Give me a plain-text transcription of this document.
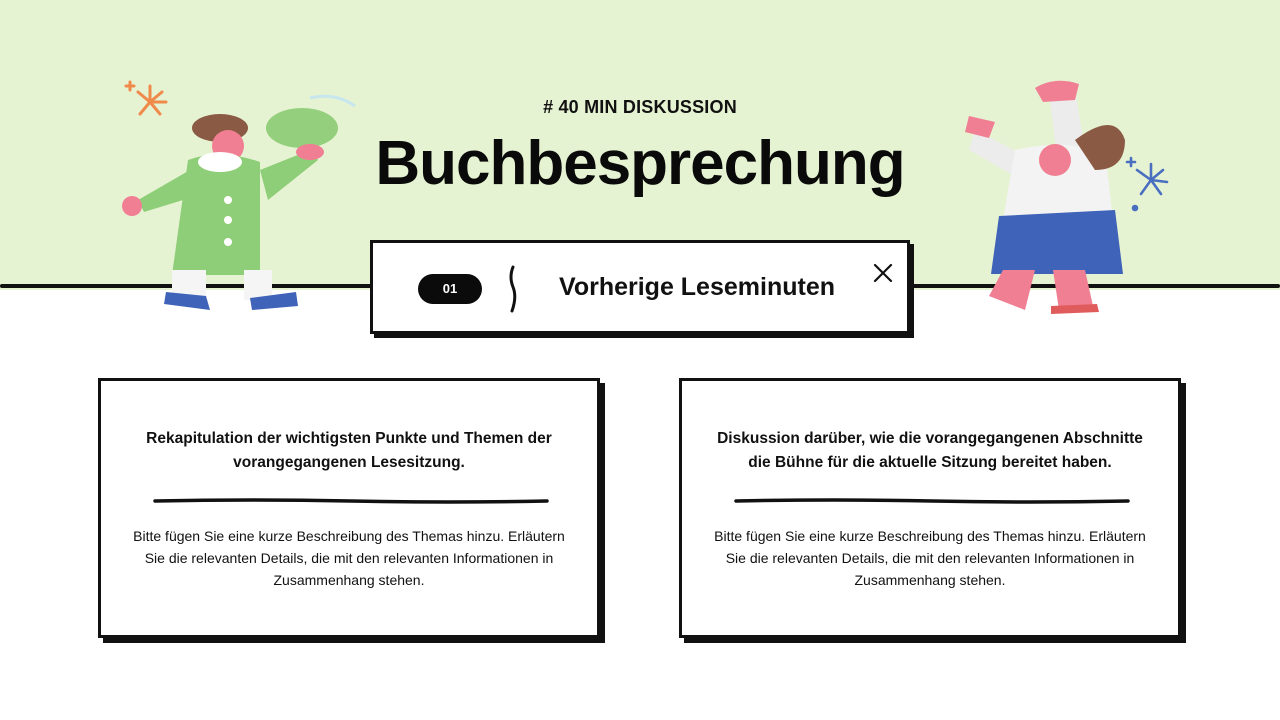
# 40 MIN DISKUSSION
Buchbesprechung
01	Vorherige Leseminuten
Rekapitulation der wichtigsten Punkte und Themen der vorangegangenen Lesesitzung.
Bitte fügen Sie eine kurze Beschreibung des Themas hinzu. Erläutern Sie die relevanten Details, die mit den relevanten Informationen in Zusammenhang stehen.
Diskussion darüber, wie die vorangegangenen Abschnitte die Bühne für die aktuelle Sitzung bereitet haben.
Bitte fügen Sie eine kurze Beschreibung des Themas hinzu. Erläutern Sie die relevanten Details, die mit den relevanten Informationen in Zusammenhang stehen.
